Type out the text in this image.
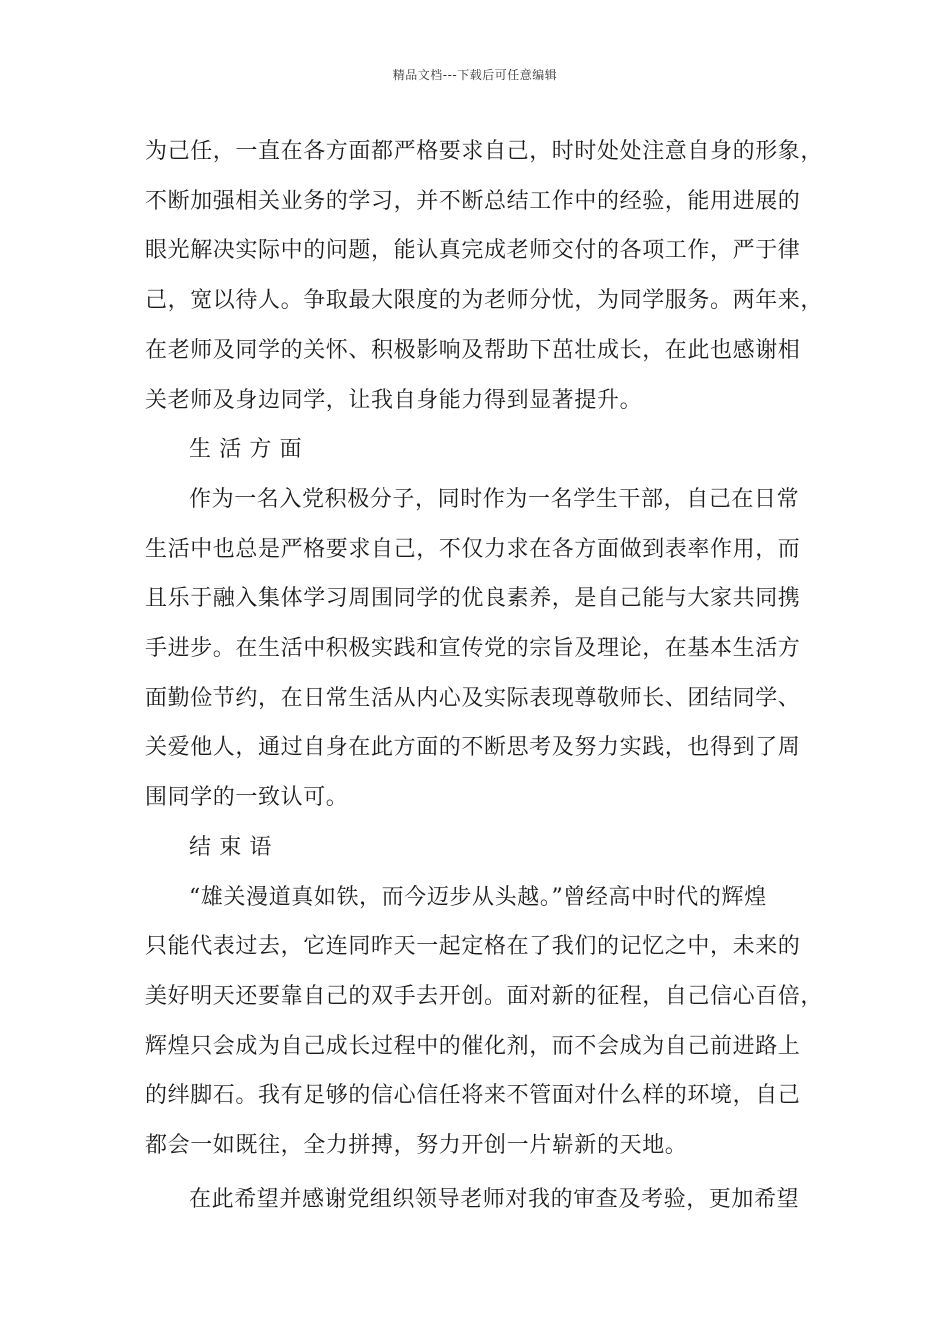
精品文档---下载后可任意编辑

为己任，一直在各方面都严格要求自己，时时处处注意自身的形象，
不断加强相关业务的学习，并不断总结工作中的经验，能用进展的
眼光解决实际中的问题，能认真完成老师交付的各项工作，严于律
己，宽以待人。争取最大限度的为老师分忧，为同学服务。两年来，
在老师及同学的关怀、积极影响及帮助下茁壮成长，在此也感谢相
关老师及身边同学，让我自身能力得到显著提升。

生 活 方 面

作为一名入党积极分子，同时作为一名学生干部，自己在日常
生活中也总是严格要求自己，不仅力求在各方面做到表率作用，而
且乐于融入集体学习周围同学的优良素养，是自己能与大家共同携
手进步。在生活中积极实践和宣传党的宗旨及理论，在基本生活方
面勤俭节约，在日常生活从内心及实际表现尊敬师长、团结同学、
关爱他人，通过自身在此方面的不断思考及努力实践，也得到了周
围同学的一致认可。

结 束 语

“雄关漫道真如铁，而今迈步从头越。”曾经高中时代的辉煌
只能代表过去，它连同昨天一起定格在了我们的记忆之中，未来的
美好明天还要靠自己的双手去开创。面对新的征程，自己信心百倍，
辉煌只会成为自己成长过程中的催化剂，而不会成为自己前进路上
的绊脚石。我有足够的信心信任将来不管面对什么样的环境，自己
都会一如既往，全力拼搏，努力开创一片崭新的天地。

在此希望并感谢党组织领导老师对我的审查及考验，更加希望
